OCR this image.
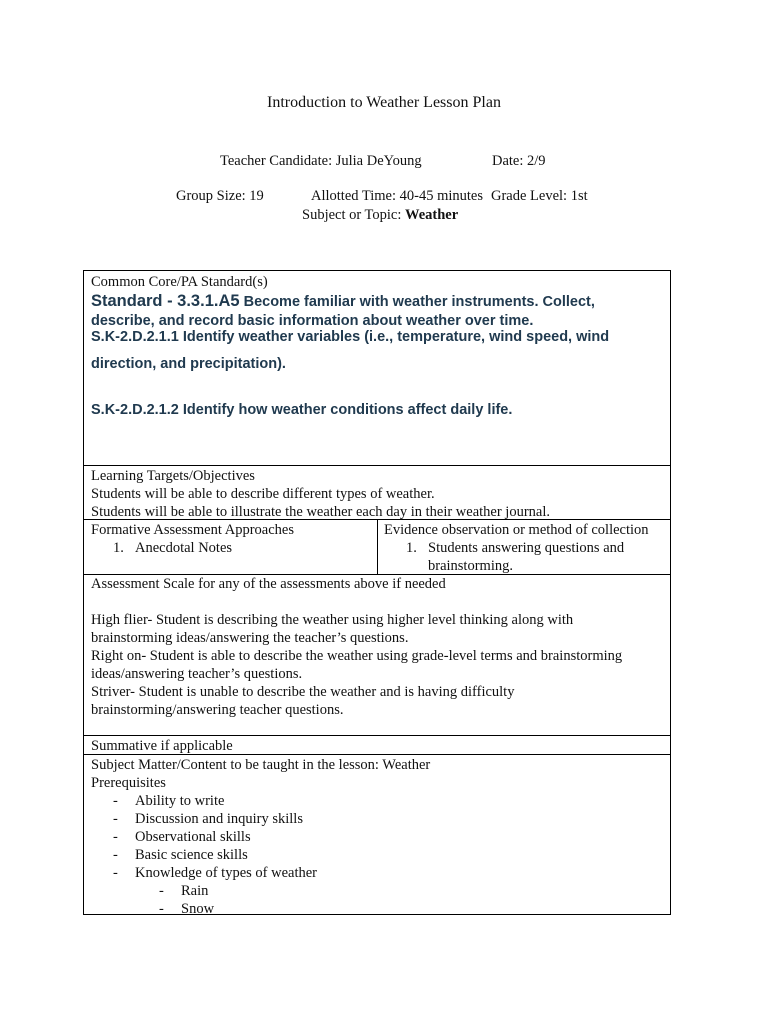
Introduction to Weather Lesson Plan
Teacher Candidate: Julia DeYoung	Date: 2/9
Group Size: 19	Allotted Time: 40-45 minutes Grade Level: 1st
Subject or Topic: Weather
Common Core/PA Standard(s)
Standard - 3.3.1.A5 Become familiar with weather instruments. Collect,
describe, and record basic information about weather over time.
S.K-2.D.2.1.1 Identify weather variables (i.e., temperature, wind speed, wind
direction, and precipitation).
S.K-2.D.2.1.2 Identify how weather conditions affect daily life.
Learning Targets/Objectives
Students will be able to describe different types of weather.
Students will be able to illustrate the weather each day in their weather journal.
Formative Assessment Approaches
1. Anecdotal Notes
Evidence observation or method of collection
1. Students answering questions and
brainstorming.
Assessment Scale for any of the assessments above if needed
High flier- Student is describing the weather using higher level thinking along with
brainstorming ideas/answering the teacher’s questions.
Right on- Student is able to describe the weather using grade-level terms and brainstorming
ideas/answering teacher’s questions.
Striver- Student is unable to describe the weather and is having difficulty
brainstorming/answering teacher questions.
Summative if applicable
Subject Matter/Content to be taught in the lesson: Weather
Prerequisites
- Ability to write
- Discussion and inquiry skills
- Observational skills
- Basic science skills
- Knowledge of types of weather
- Rain
- Snow
